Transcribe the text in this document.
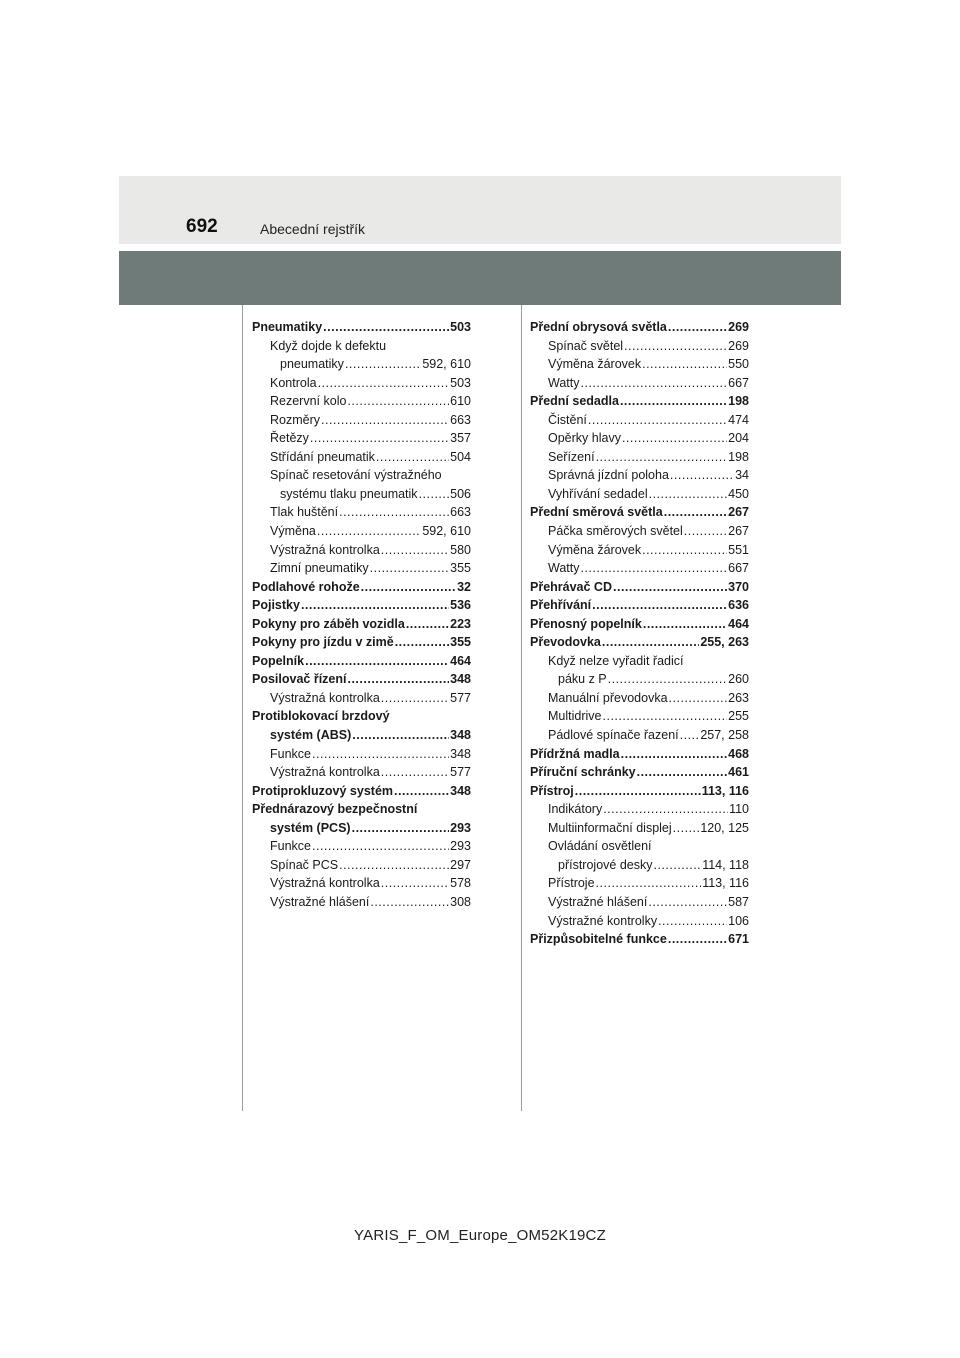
692	Abecední rejstřík
Pneumatiky .....	503
Když dojde k defektu
pneumatiky .....	592, 610
Kontrola .....	503
Rezervní kolo .....	610
Rozměry .....	663
Řetězy .....	357
Střídání pneumatik .....	504
Spínač resetování výstražného
systému tlaku pneumatik .....	506
Tlak huštění .....	663
Výměna .....	592, 610
Výstražná kontrolka .....	580
Zimní pneumatiky .....	355
Podlahové rohože .....	32
Pojistky .....	536
Pokyny pro záběh vozidla .....	223
Pokyny pro jízdu v zimě .....	355
Popelník .....	464
Posilovač řízení .....	348
Výstražná kontrolka .....	577
Protiblokovací brzdový
systém (ABS) .....	348
Funkce .....	348
Výstražná kontrolka .....	577
Protiprokluzový systém .....	348
Přednárazový bezpečnostní
systém (PCS) .....	293
Funkce .....	293
Spínač PCS .....	297
Výstražná kontrolka .....	578
Výstražné hlášení .....	308
Přední obrysová světla .....	269
Spínač světel .....	269
Výměna žárovek .....	550
Watty .....	667
Přední sedadla .....	198
Čistění .....	474
Opěrky hlavy .....	204
Seřízení .....	198
Správná jízdní poloha .....	34
Vyhřívání sedadel .....	450
Přední směrová světla .....	267
Páčka směrových světel .....	267
Výměna žárovek .....	551
Watty .....	667
Přehrávač CD .....	370
Přehřívání .....	636
Přenosný popelník .....	464
Převodovka .....	255, 263
Když nelze vyřadit řadicí
páku z P .....	260
Manuální převodovka .....	263
Multidrive .....	255
Pádlové spínače řazení ..... 257, 258
Přídržná madla .....	468
Příruční schránky .....	461
Přístroj .....	113, 116
Indikátory .....	110
Multiinformační displej ..... 120, 125
Ovládání osvětlení
přístrojové desky .....	114, 118
Přístroje .....	113, 116
Výstražné hlášení .....	587
Výstražné kontrolky .....	106
Přizpůsobitelné funkce .....	671
YARIS_F_OM_Europe_OM52K19CZ
